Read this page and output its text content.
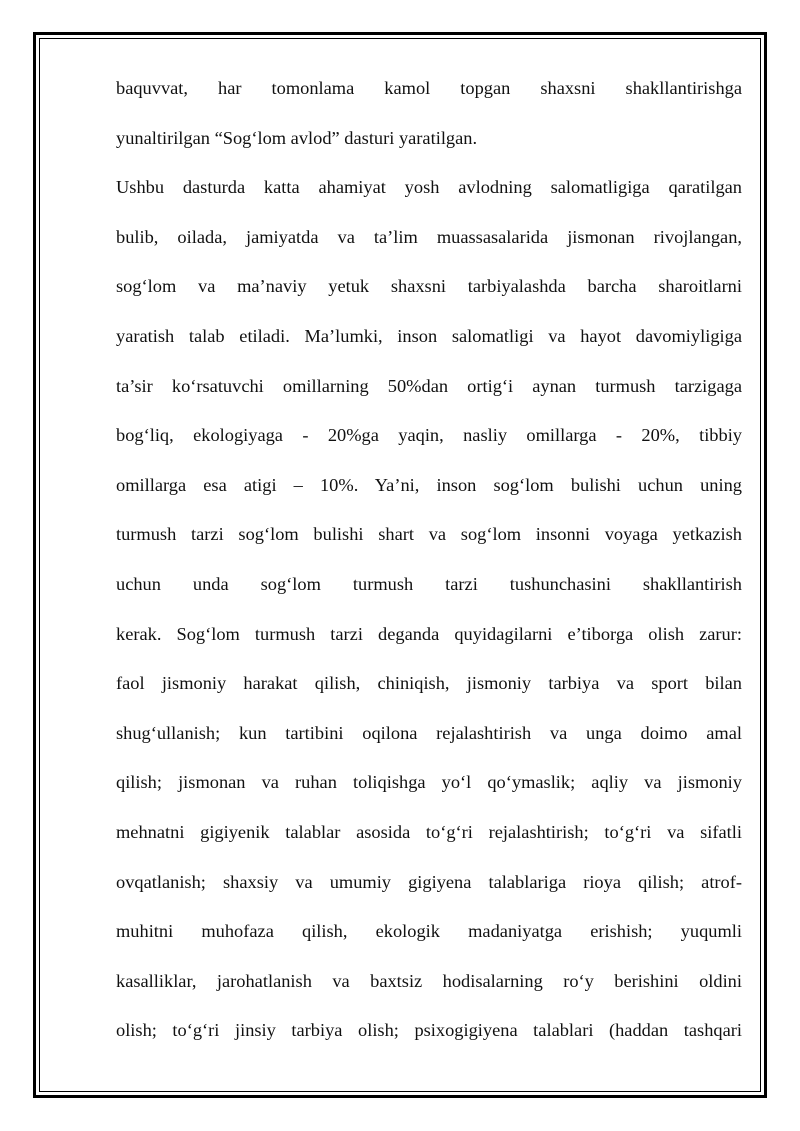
baquvvat, har tomonlama kamol topgan shaxsni shakllantirishga
yunaltirilgan “Sog‘lom avlod” dasturi yaratilgan.
Ushbu dasturda katta ahamiyat yosh avlodning salomatligiga qaratilgan
bulib, oilada, jamiyatda va ta’lim muassasalarida jismonan rivojlangan,
sog‘lom va ma’naviy yetuk shaxsni tarbiyalashda barcha sharoitlarni
yaratish talab etiladi. Ma’lumki, inson salomatligi va hayot davomiyligiga
ta’sir ko‘rsatuvchi omillarning 50%dan ortig‘i aynan turmush tarzigaga
bog‘liq, ekologiyaga - 20%ga yaqin, nasliy omillarga - 20%, tibbiy
omillarga esa atigi – 10%. Ya’ni, inson sog‘lom bulishi uchun uning
turmush tarzi sog‘lom bulishi shart va sog‘lom insonni voyaga yetkazish
uchun unda sog‘lom turmush tarzi tushunchasini shakllantirish
kerak. Sog‘lom turmush tarzi deganda quyidagilarni e’tiborga olish zarur:
faol jismoniy harakat qilish, chiniqish, jismoniy tarbiya va sport bilan
shug‘ullanish; kun tartibini oqilona rejalashtirish va unga doimo amal
qilish; jismonan va ruhan toliqishga yo‘l qo‘ymaslik; aqliy va jismoniy
mehnatni gigiyenik talablar asosida to‘g‘ri rejalashtirish; to‘g‘ri va sifatli
ovqatlanish; shaxsiy va umumiy gigiyena talablariga rioya qilish; atrof-
muhitni muhofaza qilish, ekologik madaniyatga erishish; yuqumli
kasalliklar, jarohatlanish va baxtsiz hodisalarning ro‘y berishini oldini
olish; to‘g‘ri jinsiy tarbiya olish; psixogigiyena talablari (haddan tashqari
